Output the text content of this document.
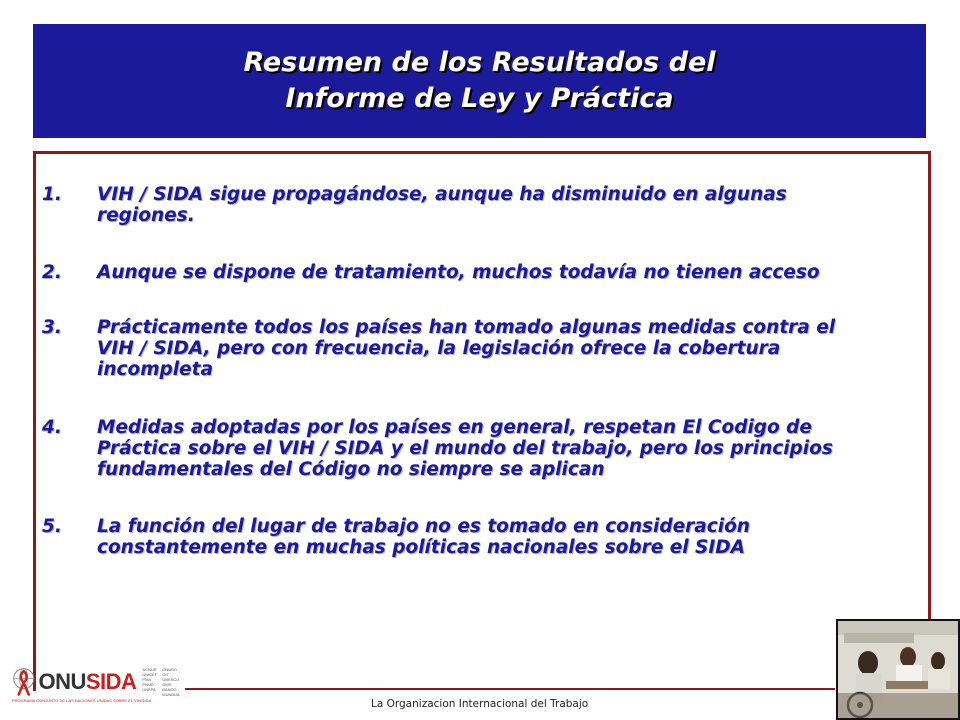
Resumen de los Resultados del
Informe de Ley y Práctica
1.	VIH / SIDA sigue propagándose, aunque ha disminuido en algunas regiones.
2.	Aunque se dispone de tratamiento, muchos todavía no tienen acceso
3.	Prácticamente todos los países han tomado algunas medidas contra el VIH / SIDA, pero con frecuencia, la legislación ofrece la cobertura incompleta
4.	Medidas adoptadas por los países en general, respetan El Codigo de Práctica sobre el VIH / SIDA y el mundo del trabajo, pero los principios fundamentales del Código no siempre se aplican
5.	La función del lugar de trabajo no es tomado en consideración constantemente en muchas políticas nacionales sobre el SIDA
ONUSIDA ACNUR ONUDD
UNICEF OIT
PMA	UNESCO
PNUD	OMS
UNFPA	BANCO MUNDIAL
PROGRAMA CONJUNTO DE LAS NACIONES UNIDAS SOBRE EL VIH/SIDA	La Organizacion Internacional del Trabajo
